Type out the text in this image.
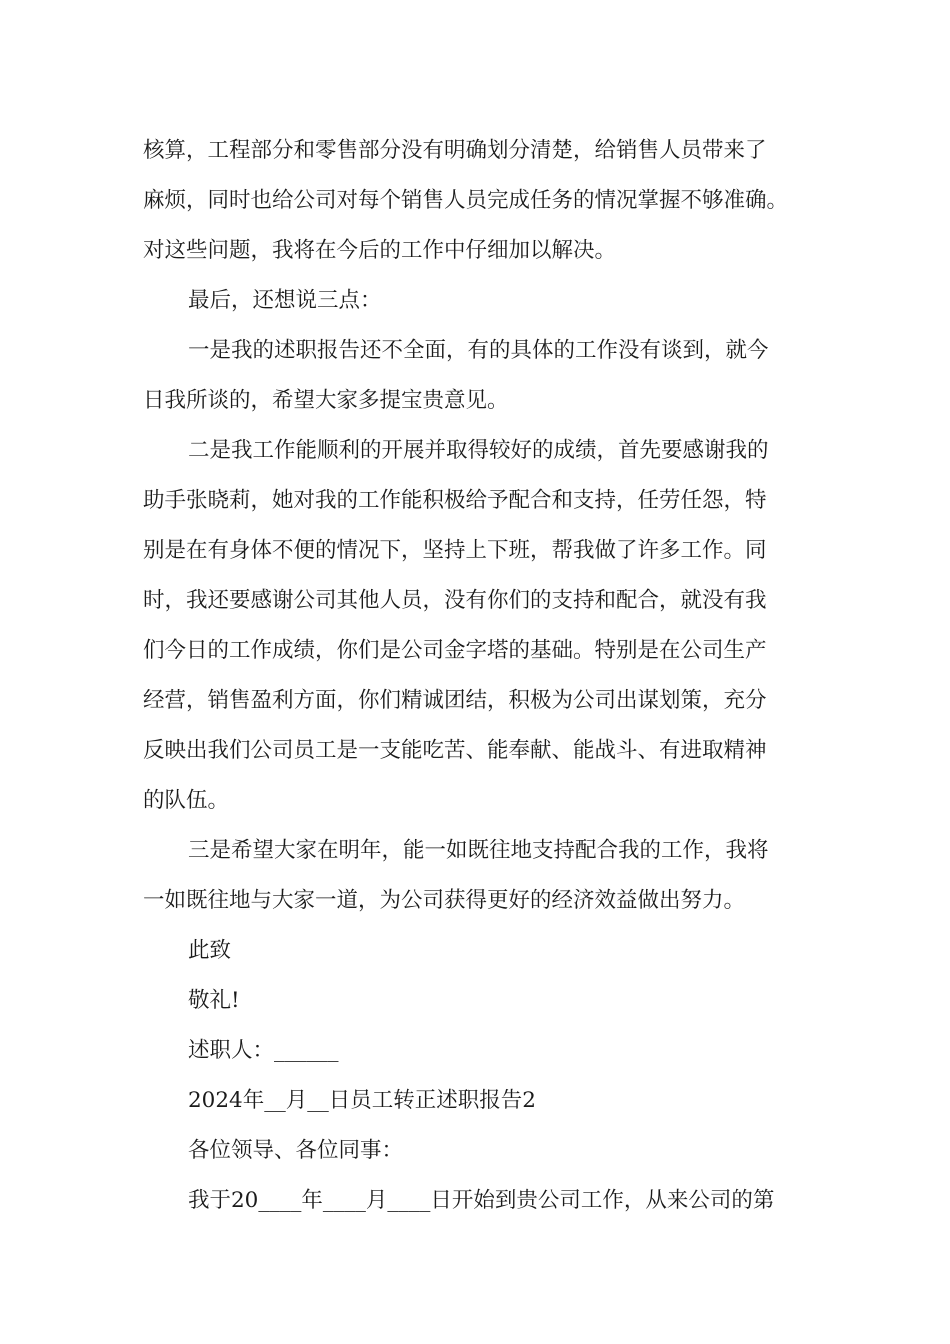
核算，工程部分和零售部分没有明确划分清楚，给销售人员带来了
麻烦，同时也给公司对每个销售人员完成任务的情况掌握不够准确。
对这些问题，我将在今后的工作中仔细加以解决。
最后，还想说三点：
一是我的述职报告还不全面，有的具体的工作没有谈到，就今
日我所谈的，希望大家多提宝贵意见。
二是我工作能顺利的开展并取得较好的成绩，首先要感谢我的
助手张晓莉，她对我的工作能积极给予配合和支持，任劳任怨，特
别是在有身体不便的情况下，坚持上下班，帮我做了许多工作。同
时，我还要感谢公司其他人员，没有你们的支持和配合，就没有我
们今日的工作成绩，你们是公司金字塔的基础。特别是在公司生产
经营，销售盈利方面，你们精诚团结，积极为公司出谋划策，充分
反映出我们公司员工是一支能吃苦、能奉献、能战斗、有进取精神
的队伍。
三是希望大家在明年，能一如既往地支持配合我的工作，我将
一如既往地与大家一道，为公司获得更好的经济效益做出努力。
此致
敬礼!
述职人：______
2024年__月__日员工转正述职报告2
各位领导、各位同事：
我于20____年____月____日开始到贵公司工作，从来公司的第
